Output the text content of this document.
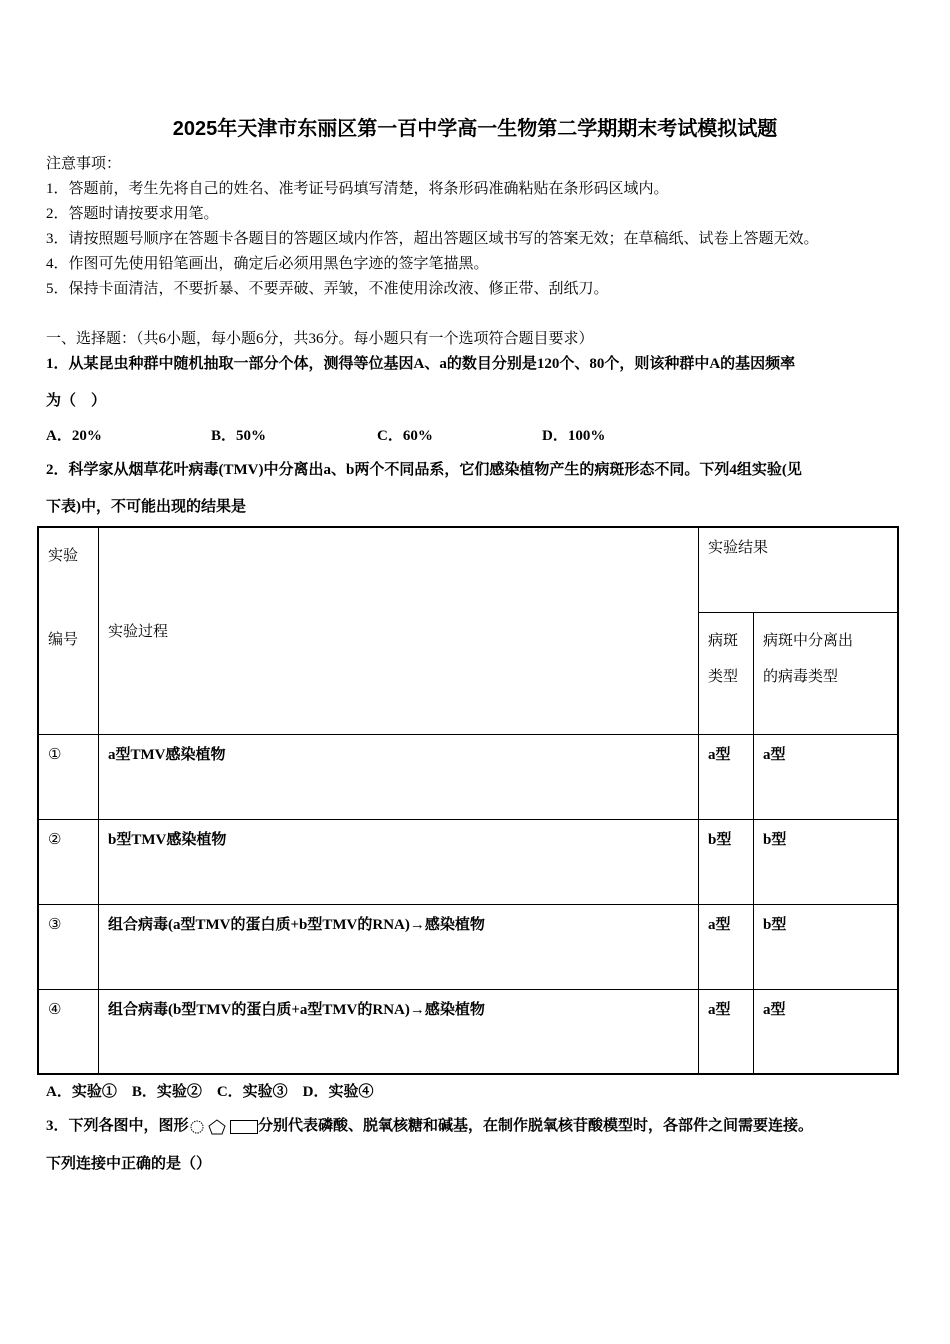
2025年天津市东丽区第一百中学高一生物第二学期期末考试模拟试题
注意事项：
1．答题前，考生先将自己的姓名、准考证号码填写清楚，将条形码准确粘贴在条形码区域内。
2．答题时请按要求用笔。
3．请按照题号顺序在答题卡各题目的答题区域内作答，超出答题区域书写的答案无效；在草稿纸、试卷上答题无效。
4．作图可先使用铅笔画出，确定后必须用黑色字迹的签字笔描黑。
5．保持卡面清洁，不要折暴、不要弄破、弄皱，不准使用涂改液、修正带、刮纸刀。
一、选择题：（共6小题，每小题6分，共36分。每小题只有一个选项符合题目要求）
1．从某昆虫种群中随机抽取一部分个体，测得等位基因A、a的数目分别是120个、80个，则该种群中A的基因频率
为（　）
A．20%	B．50%	C．60%	D．100%
2．科学家从烟草花叶病毒(TMV)中分离出a、b两个不同品系，它们感染植物产生的病斑形态不同。下列4组实验(见
下表)中，不可能出现的结果是
实验
编号	实验过程	实验结果	

		病斑
类型	病斑中分离出
的病毒类型

①	a型TMV感染植物	a型	a型

②	b型TMV感染植物	b型	b型

③	组合病毒(a型TMV的蛋白质+b型TMV的RNA)→感染植物	a型	b型

④	组合病毒(b型TMV的蛋白质+a型TMV的RNA)→感染植物	a型	a型
A．实验①　B．实验②　C．实验③　D．实验④
3．下列各图中，图形	分别代表磷酸、脱氧核糖和碱基，在制作脱氧核苷酸模型时，各部件之间需要连接。
下列连接中正确的是（）
